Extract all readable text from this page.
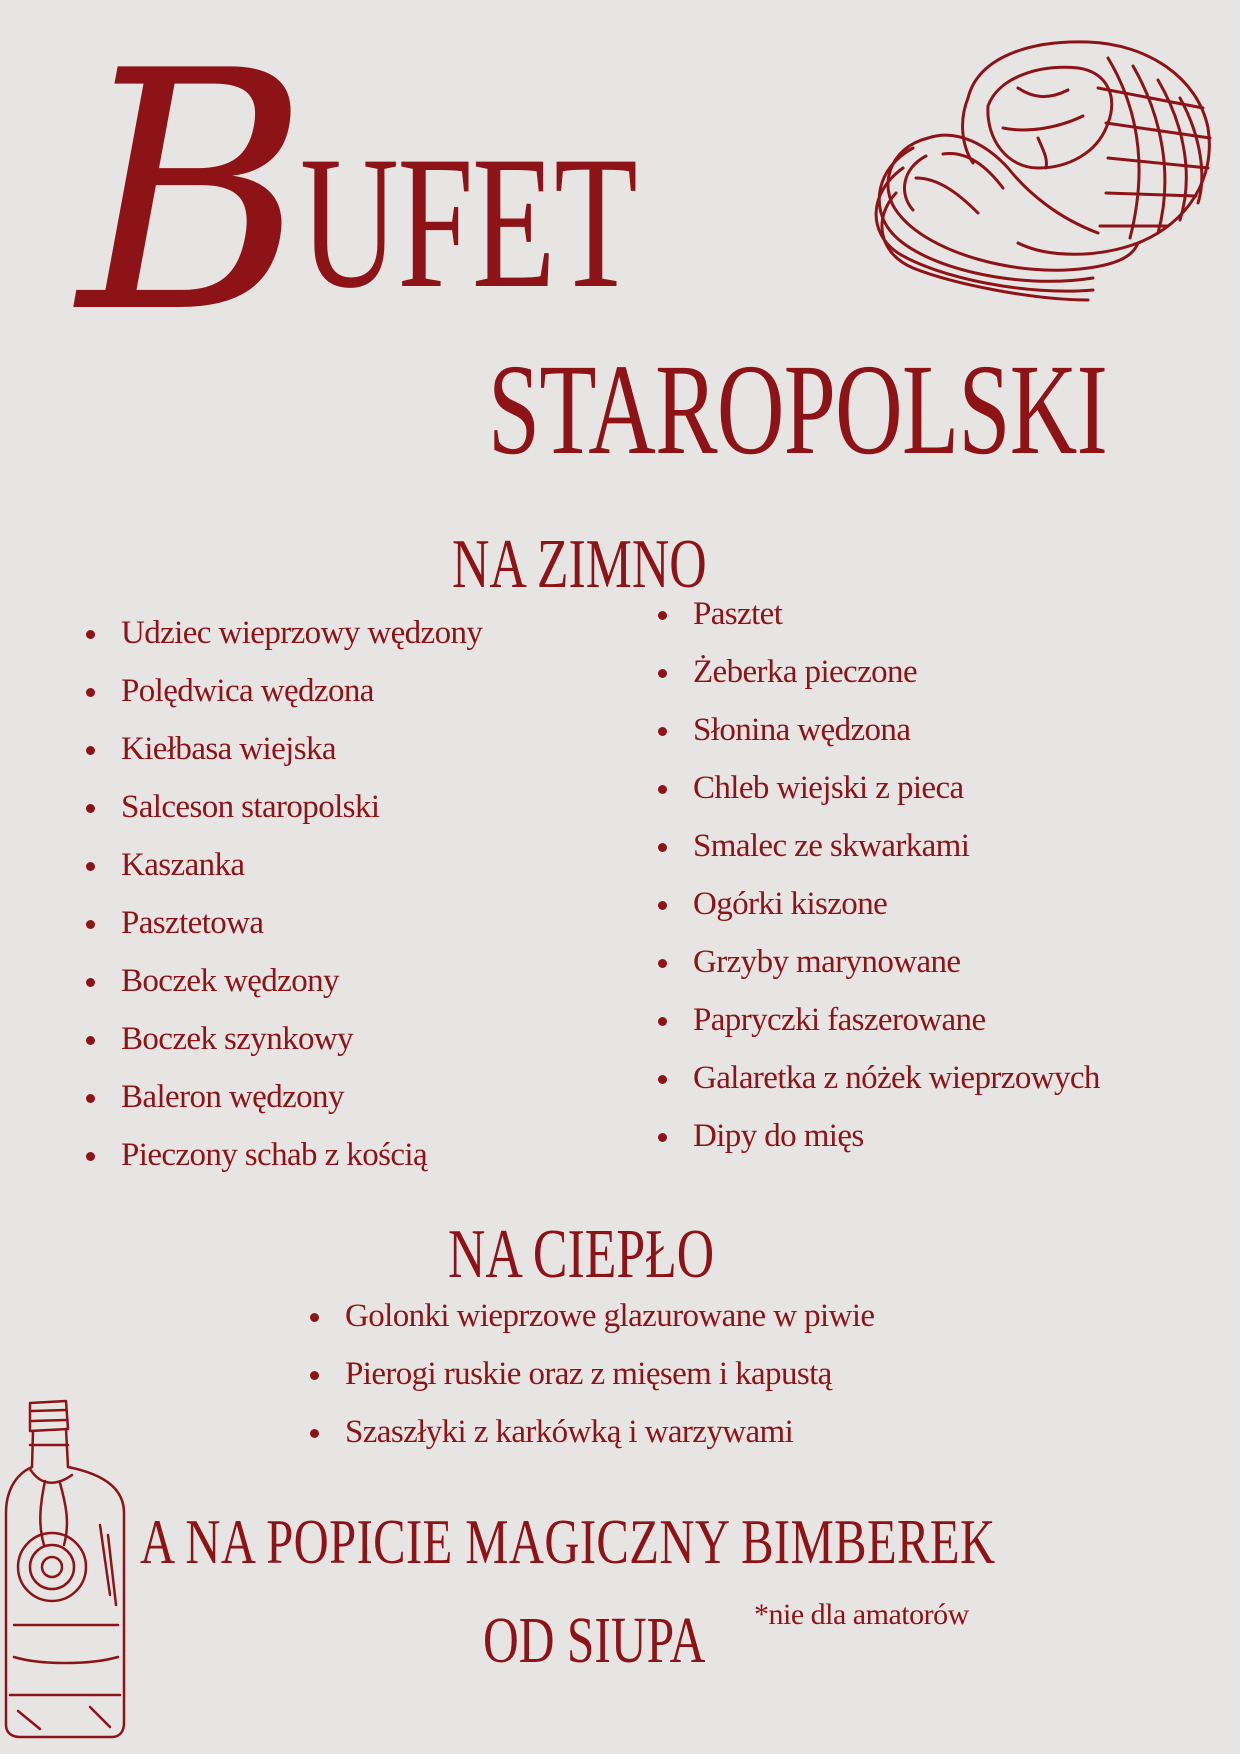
B
UFET
STAROPOLSKI
NA ZIMNO
Udziec wieprzowy wędzony
Polędwica wędzona
Kiełbasa wiejska
Salceson staropolski
Kaszanka
Pasztetowa
Boczek wędzony
Boczek szynkowy
Baleron wędzony
Pieczony schab z kością
Pasztet
Żeberka pieczone
Słonina wędzona
Chleb wiejski z pieca
Smalec ze skwarkami
Ogórki kiszone
Grzyby marynowane
Papryczki faszerowane
Galaretka z nóżek wieprzowych
Dipy do mięs
NA CIEPŁO
Golonki wieprzowe glazurowane w piwie
Pierogi ruskie oraz z mięsem i kapustą
Szaszłyki z karkówką i warzywami
A NA POPICIE MAGICZNY BIMBEREK
OD SIUPA *nie dla amatorów
